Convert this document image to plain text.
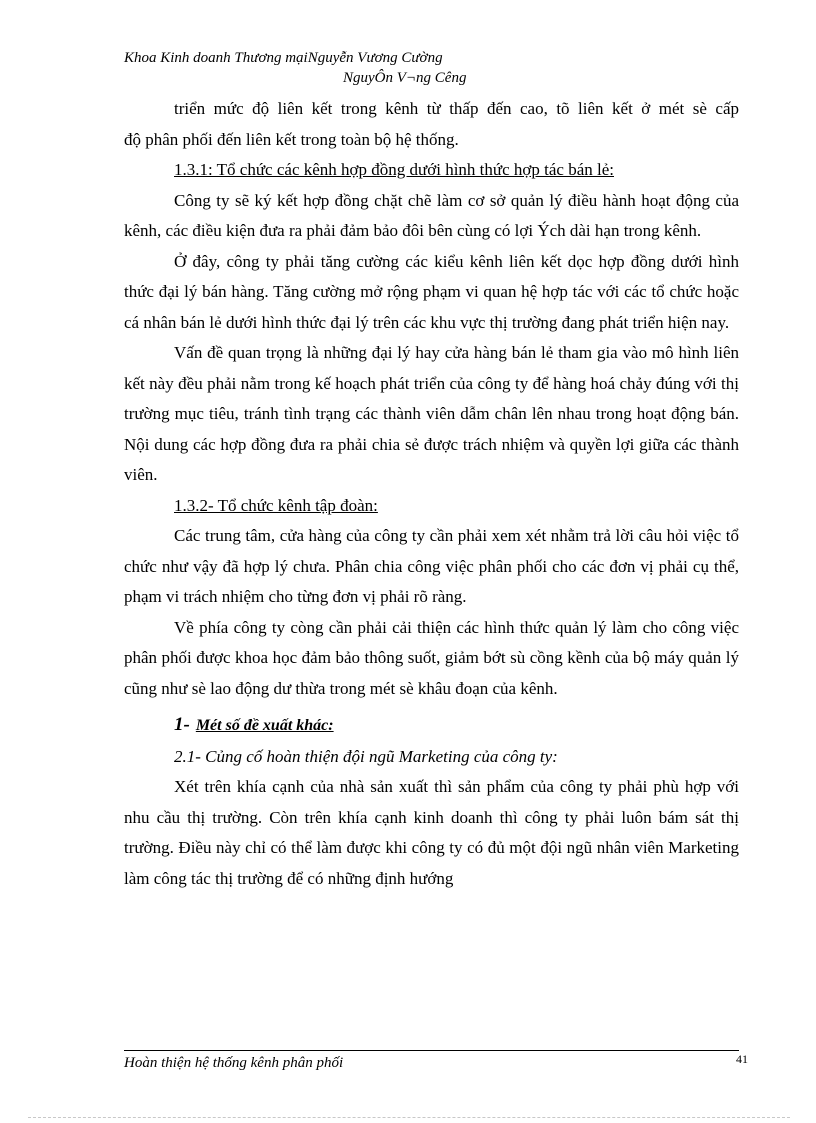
Khoa Kinh doanh Thương mạiNguyễn Vương Cường
NguyÔn V¬ng Cêng

triển mức độ liên kết trong kênh từ thấp đến cao, tõ liên kết ở mét sè cấp

độ phân phối đến liên kết trong toàn bộ hệ thống.

1.3.1: Tổ chức các kênh hợp đồng dưới hình thức hợp tác bán lẻ:

Công ty sẽ ký kết hợp đồng chặt chẽ làm cơ sở quản lý điều hành hoạt động của kênh, các điều kiện đưa ra phải đảm bảo đôi bên cùng có lợi Ých dài hạn trong kênh.

Ở đây, công ty phải tăng cường các kiểu kênh liên kết dọc hợp đồng dưới hình thức đại lý bán hàng. Tăng cường mở rộng phạm vi quan hệ hợp tác với các tổ chức hoặc cá nhân bán lẻ dưới hình thức đại lý trên các khu vực thị trường đang phát triển hiện nay.

Vấn đề quan trọng là những đại lý hay cửa hàng bán lẻ tham gia vào mô hình liên kết này đều phải nằm trong kế hoạch phát triển của công ty để hàng hoá chảy đúng với thị trường mục tiêu, tránh tình trạng các thành viên dẫm chân lên nhau trong hoạt động bán. Nội dung các hợp đồng đưa ra phải chia sẻ được trách nhiệm và quyền lợi giữa các thành viên.

1.3.2- Tổ chức kênh tập đoàn:

Các trung tâm, cửa hàng của công ty cần phải xem xét nhằm trả lời câu hỏi việc tổ chức như vậy đã hợp lý chưa. Phân chia công việc phân phối cho các đơn vị phải cụ thể, phạm vi trách nhiệm cho từng đơn vị phải rõ ràng.

Về phía công ty còng cần phải cải thiện các hình thức quản lý làm cho công việc phân phối được khoa học đảm bảo thông suốt, giảm bớt sù cồng kềnh của bộ máy quản lý cũng như sè lao động dư thừa trong mét sè khâu đoạn của kênh.

1- Mét số đề xuất khác:

2.1- Củng cố hoàn thiện đội ngũ Marketing của công ty:

Xét trên khía cạnh của nhà sản xuất thì sản phẩm của công ty phải phù hợp với nhu cầu thị trường. Còn trên khía cạnh kinh doanh thì công ty phải luôn bám sát thị trường. Điều này chỉ có thể làm được khi công ty có đủ một đội ngũ nhân viên Marketing làm công tác thị trường để có những định hướng

Hoàn thiện hệ thống kênh phân phối	41
